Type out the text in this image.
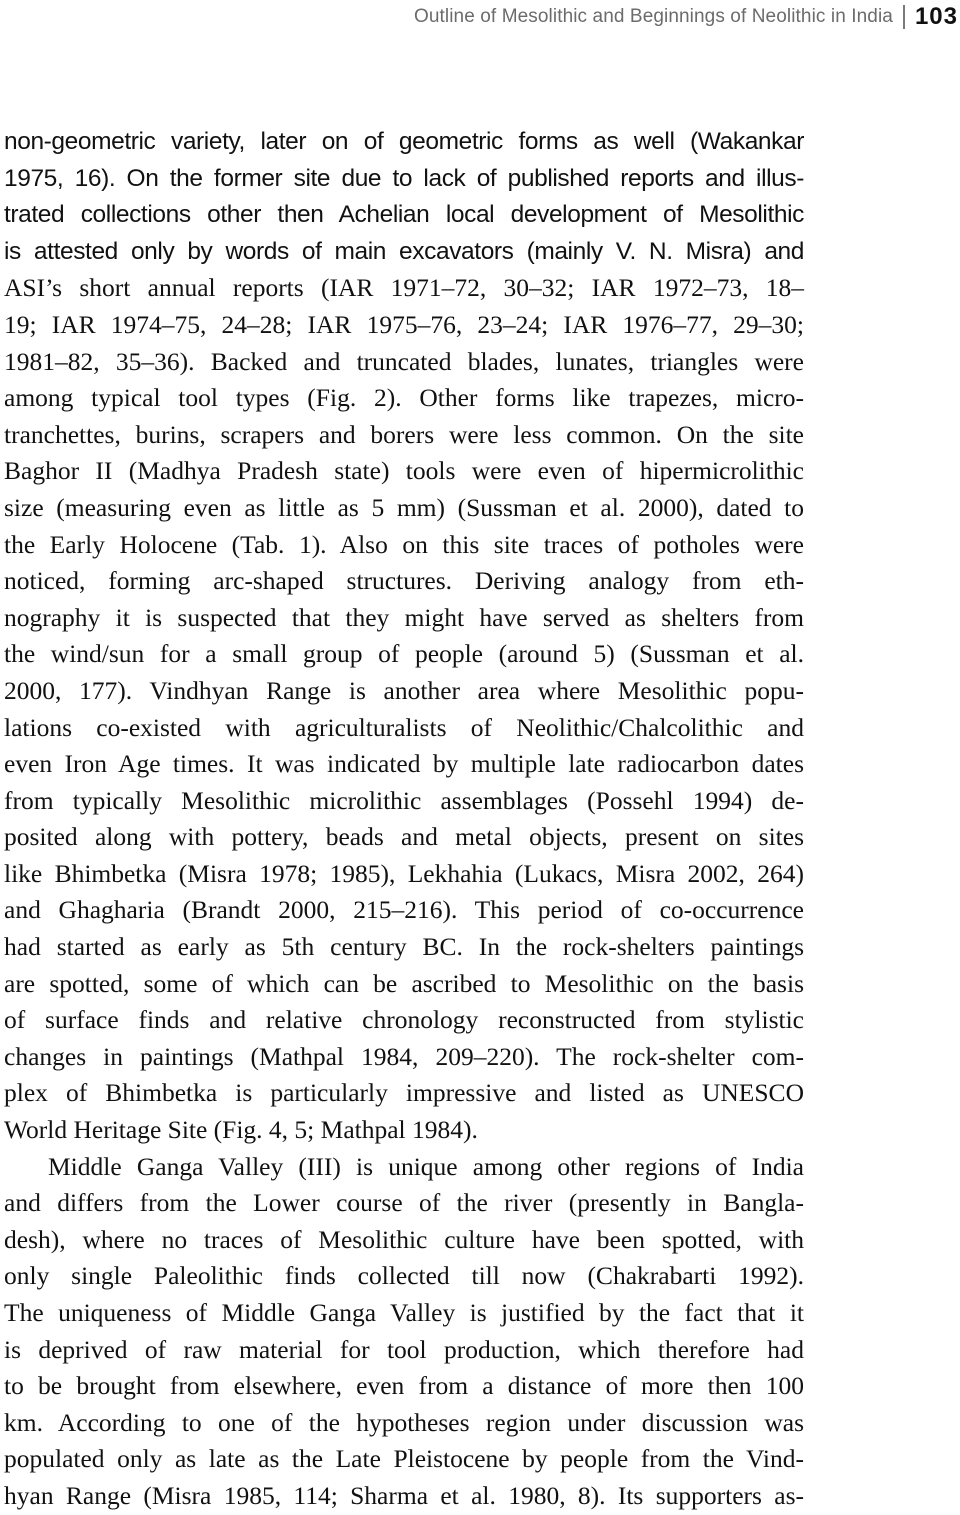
Outline of Mesolithic and Beginnings of Neolithic in India 103
non-geometric variety, later on of geometric forms as well (Wakankar
1975, 16). On the former site due to lack of published reports and illus-
trated collections other then Achelian local development of Mesolithic
is attested only by words of main excavators (mainly V. N. Misra) and
ASI’s short annual reports (IAR 1971–72, 30–32; IAR 1972–73, 18–
19; IAR 1974–75, 24–28; IAR 1975–76, 23–24; IAR 1976–77, 29–30;
1981–82, 35–36). Backed and truncated blades, lunates, triangles were
among typical tool types (Fig. 2). Other forms like trapezes, micro-
tranchettes, burins, scrapers and borers were less common. On the site
Baghor II (Madhya Pradesh state) tools were even of hipermicrolithic
size (measuring even as little as 5 mm) (Sussman et al. 2000), dated to
the Early Holocene (Tab. 1). Also on this site traces of potholes were
noticed, forming arc-shaped structures. Deriving analogy from eth-
nography it is suspected that they might have served as shelters from
the wind/sun for a small group of people (around 5) (Sussman et al.
2000, 177). Vindhyan Range is another area where Mesolithic popu-
lations co-existed with agriculturalists of Neolithic/Chalcolithic and
even Iron Age times. It was indicated by multiple late radiocarbon dates
from typically Mesolithic microlithic assemblages (Possehl 1994) de-
posited along with pottery, beads and metal objects, present on sites
like Bhimbetka (Misra 1978; 1985), Lekhahia (Lukacs, Misra 2002, 264)
and Ghagharia (Brandt 2000, 215–216). This period of co-occurrence
had started as early as 5th century BC. In the rock-shelters paintings
are spotted, some of which can be ascribed to Mesolithic on the basis
of surface finds and relative chronology reconstructed from stylistic
changes in paintings (Mathpal 1984, 209–220). The rock-shelter com-
plex of Bhimbetka is particularly impressive and listed as UNESCO
World Heritage Site (Fig. 4, 5; Mathpal 1984).
Middle Ganga Valley (III) is unique among other regions of India
and differs from the Lower course of the river (presently in Bangla-
desh), where no traces of Mesolithic culture have been spotted, with
only single Paleolithic finds collected till now (Chakrabarti 1992).
The uniqueness of Middle Ganga Valley is justified by the fact that it
is deprived of raw material for tool production, which therefore had
to be brought from elsewhere, even from a distance of more then 100
km. According to one of the hypotheses region under discussion was
populated only as late as the Late Pleistocene by people from the Vind-
hyan Range (Misra 1985, 114; Sharma et al. 1980, 8). Its supporters as-
